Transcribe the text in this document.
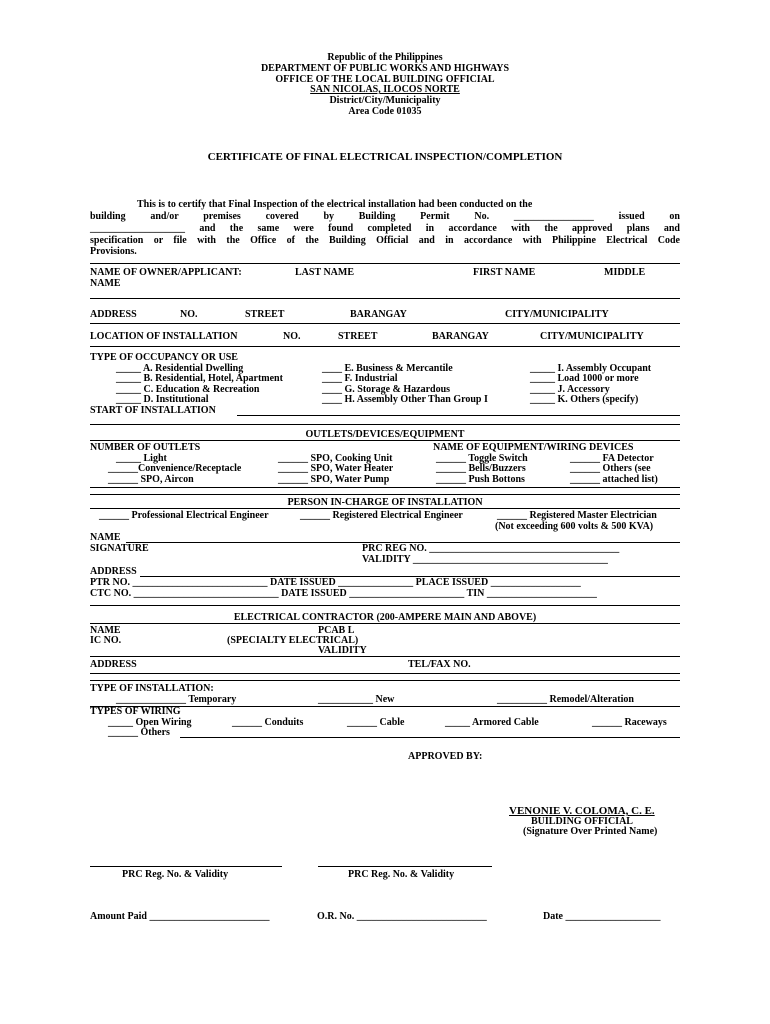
Republic of the Philippines
DEPARTMENT OF PUBLIC WORKS AND HIGHWAYS
OFFICE OF THE LOCAL BUILDING OFFICIAL
SAN NICOLAS, ILOCOS NORTE
District/City/Municipality
Area Code 01035
CERTIFICATE OF FINAL ELECTRICAL INSPECTION/COMPLETION
This is to certify that Final Inspection of the electrical installation had been conducted on the
building and/or premises covered by Building Permit No. ________________ issued on
___________________ and the same were found completed in accordance with the approved plans and
specification or file with the Office of the Building Official and in accordance with Philippine Electrical Code
Provisions.
NAME OF OWNER/APPLICANT:	LAST NAME	FIRST NAME	MIDDLE
NAME
ADDRESS	NO.	STREET	BARANGAY	CITY/MUNICIPALITY
LOCATION OF INSTALLATION	NO.	STREET	BARANGAY	CITY/MUNICIPALITY
TYPE OF OCCUPANCY OR USE
_____ A. Residential Dwelling
_____ B. Residential, Hotel, Apartment
_____ C. Education & Recreation
_____ D. Institutional
____ E. Business & Mercantile
____ F. Industrial
____ G. Storage & Hazardous
____ H. Assembly Other Than Group I
_____ I. Assembly Occupant
_____ Load 1000 or more
_____ J. Accessory
_____ K. Others (specify)
START OF INSTALLATION
OUTLETS/DEVICES/EQUIPMENT
NUMBER OF OUTLETS	NAME OF EQUIPMENT/WIRING DEVICES
_____ Light
______Convenience/Receptacle
______ SPO, Aircon
______ SPO, Cooking Unit
______ SPO, Water Heater
______ SPO, Water Pump
______ Toggle Switch
______ Bells/Buzzers
______ Push Bottons
______ FA Detector
______ Others (see
______ attached list)
PERSON IN-CHARGE OF INSTALLATION
______ Professional Electrical Engineer	______ Registered Electrical Engineer	______ Registered Master Electrician
(Not exceeding 600 volts & 500 KVA)
NAME
SIGNATURE	PRC REG NO. ______________________________________
VALIDITY _______________________________________
ADDRESS
PTR NO. ___________________________ DATE ISSUED _______________ PLACE ISSUED __________________
CTC NO. _____________________________ DATE ISSUED _______________________ TIN ______________________
ELECTRICAL CONTRACTOR (200-AMPERE MAIN AND ABOVE)
NAME	PCAB L
IC NO.	(SPECIALTY ELECTRICAL)
VALIDITY
ADDRESS	TEL/FAX NO.
TYPE OF INSTALLATION:
______________ Temporary	___________ New	__________ Remodel/Alteration
TYPES OF WIRING
_____ Open Wiring	______ Conduits	______ Cable	_____ Armored Cable	______ Raceways
______ Others
APPROVED BY:
VENONIE V. COLOMA, C. E.
BUILDING OFFICIAL
(Signature Over Printed Name)
PRC Reg. No. & Validity	PRC Reg. No. & Validity
Amount Paid ________________________	O.R. No. __________________________	Date ___________________
